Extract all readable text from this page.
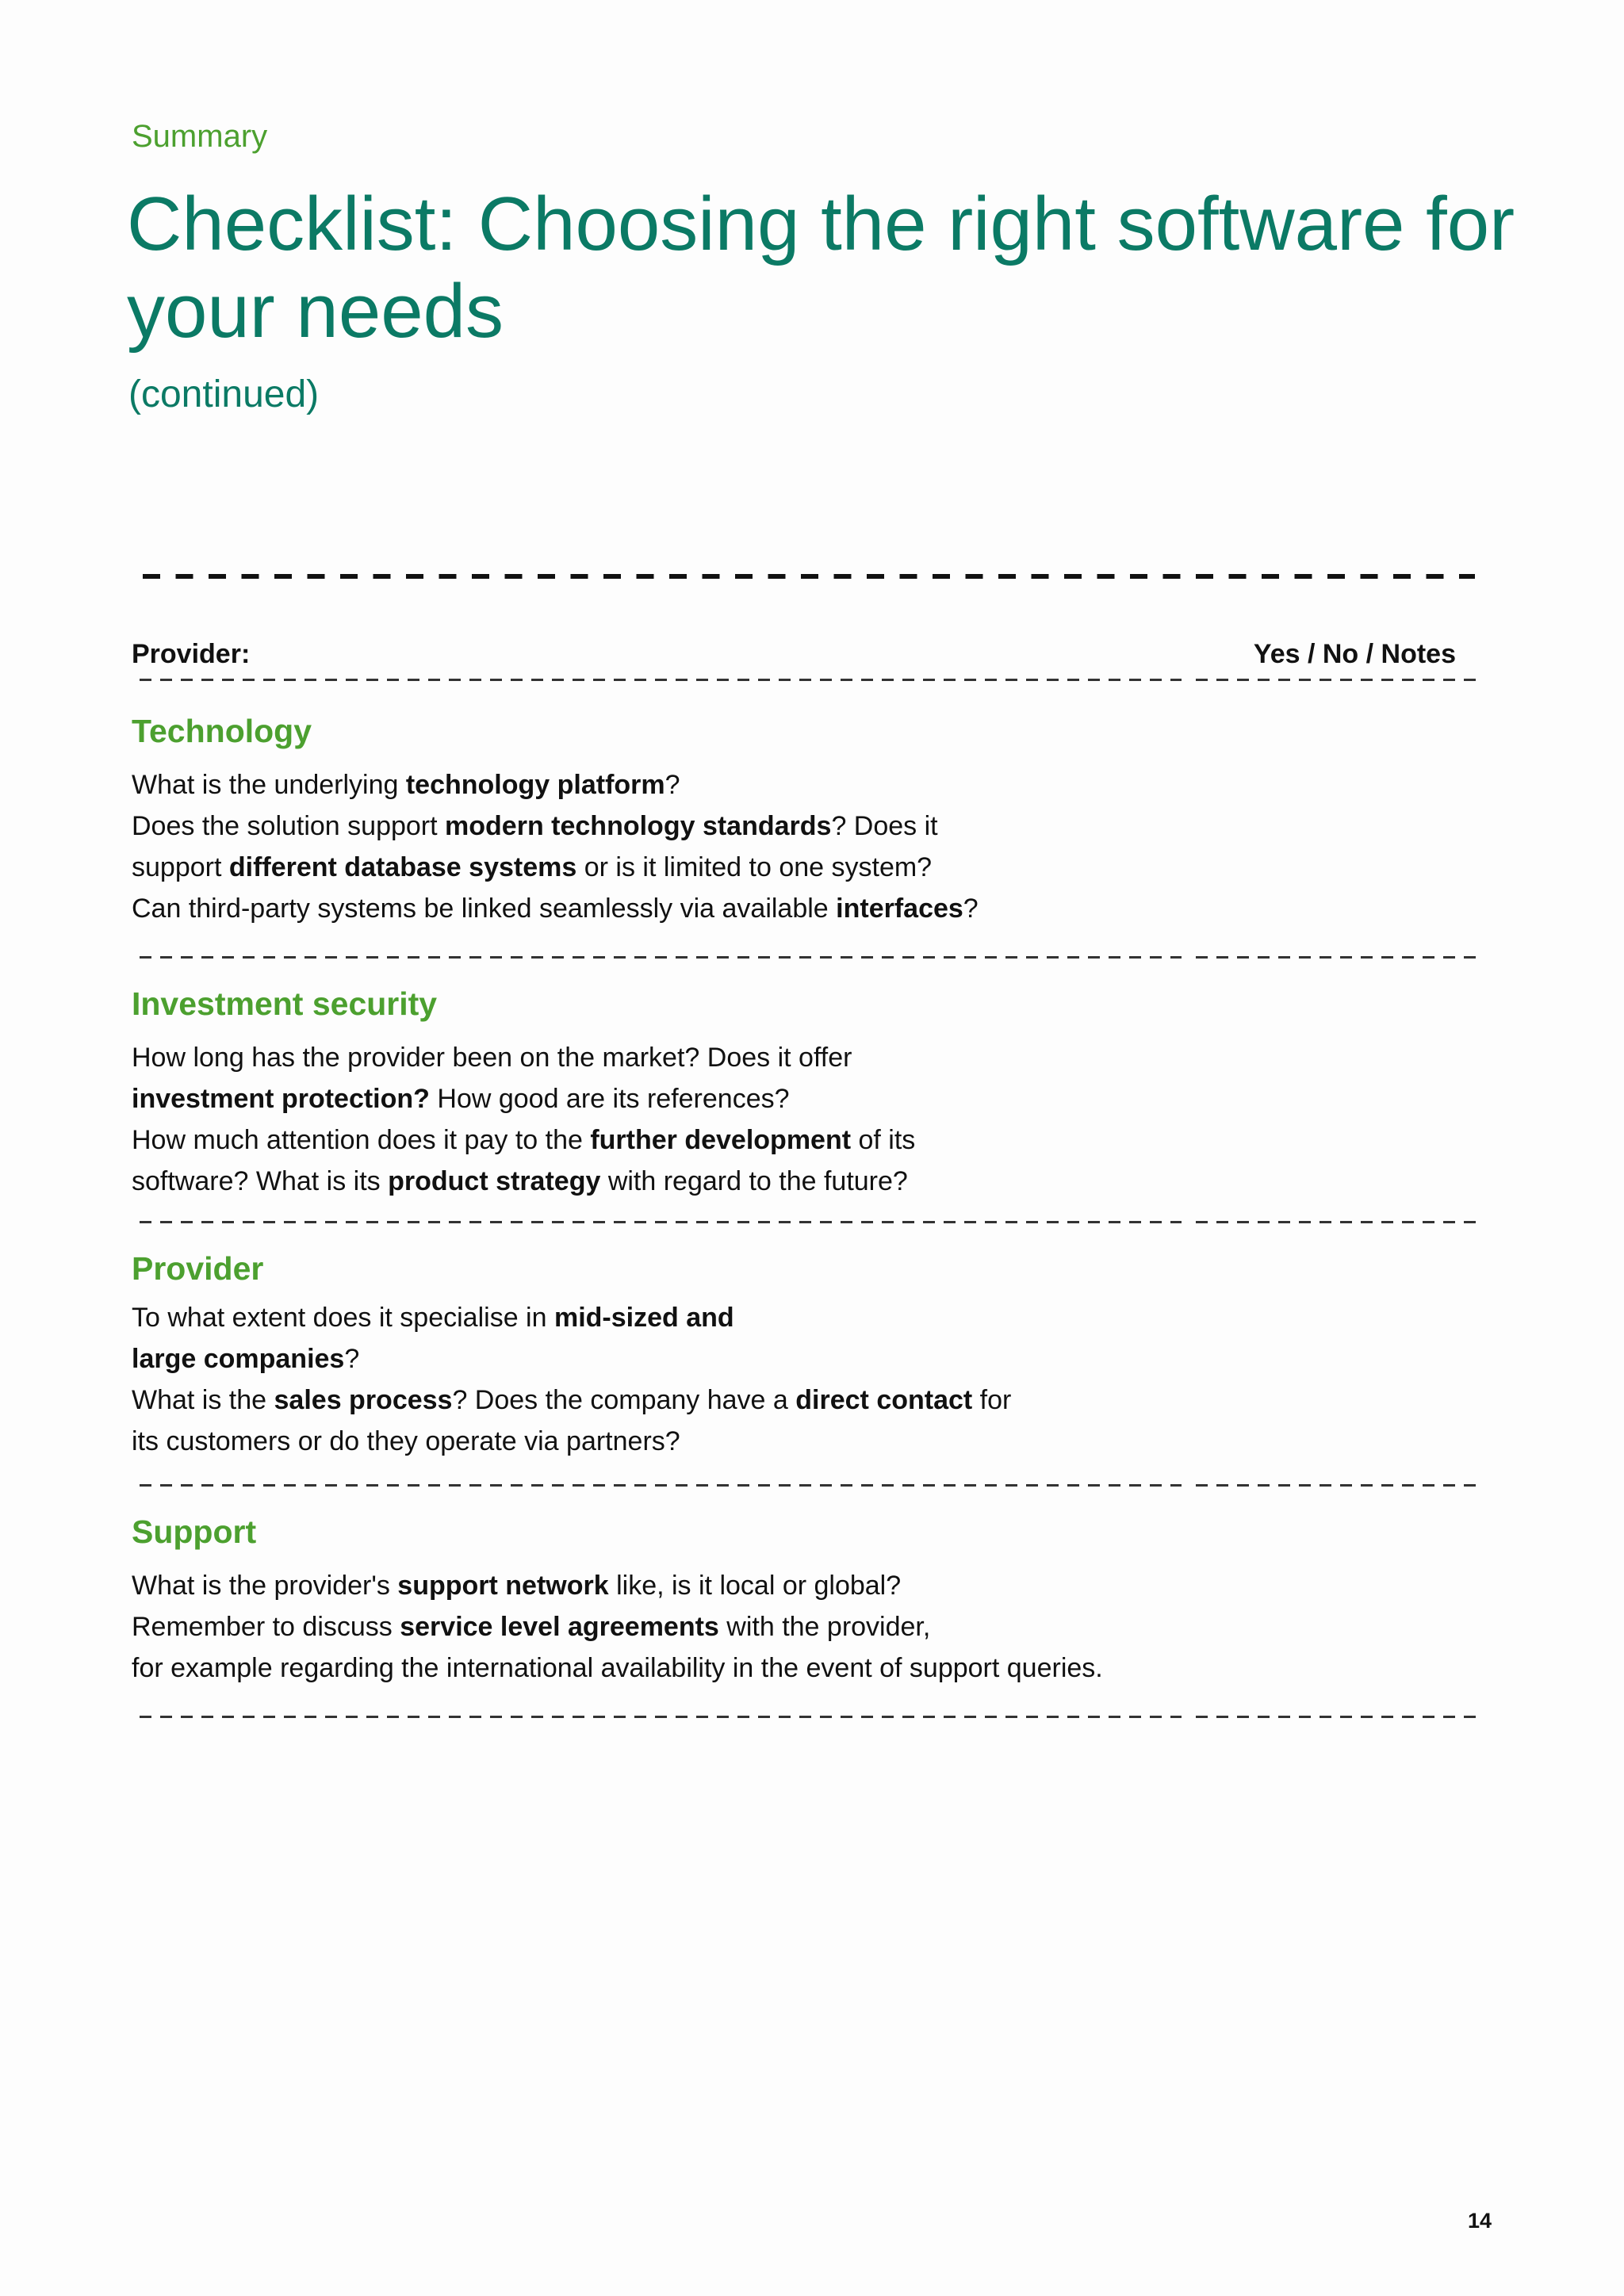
Summary
Checklist: Choosing the right software for your needs
(continued)
Provider:	Yes / No / Notes
Technology
What is the underlying technology platform?
Does the solution support modern technology standards? Does it
support different database systems or is it limited to one system?
Can third-party systems be linked seamlessly via available interfaces?
Investment security
How long has the provider been on the market? Does it offer
investment protection? How good are its references?
How much attention does it pay to the further development of its
software? What is its product strategy with regard to the future?
Provider
To what extent does it specialise in mid-sized and
large companies?
What is the sales process? Does the company have a direct contact for
its customers or do they operate via partners?
Support
What is the provider's support network like, is it local or global?
Remember to discuss service level agreements with the provider,
for example regarding the international availability in the event of support queries.
14
